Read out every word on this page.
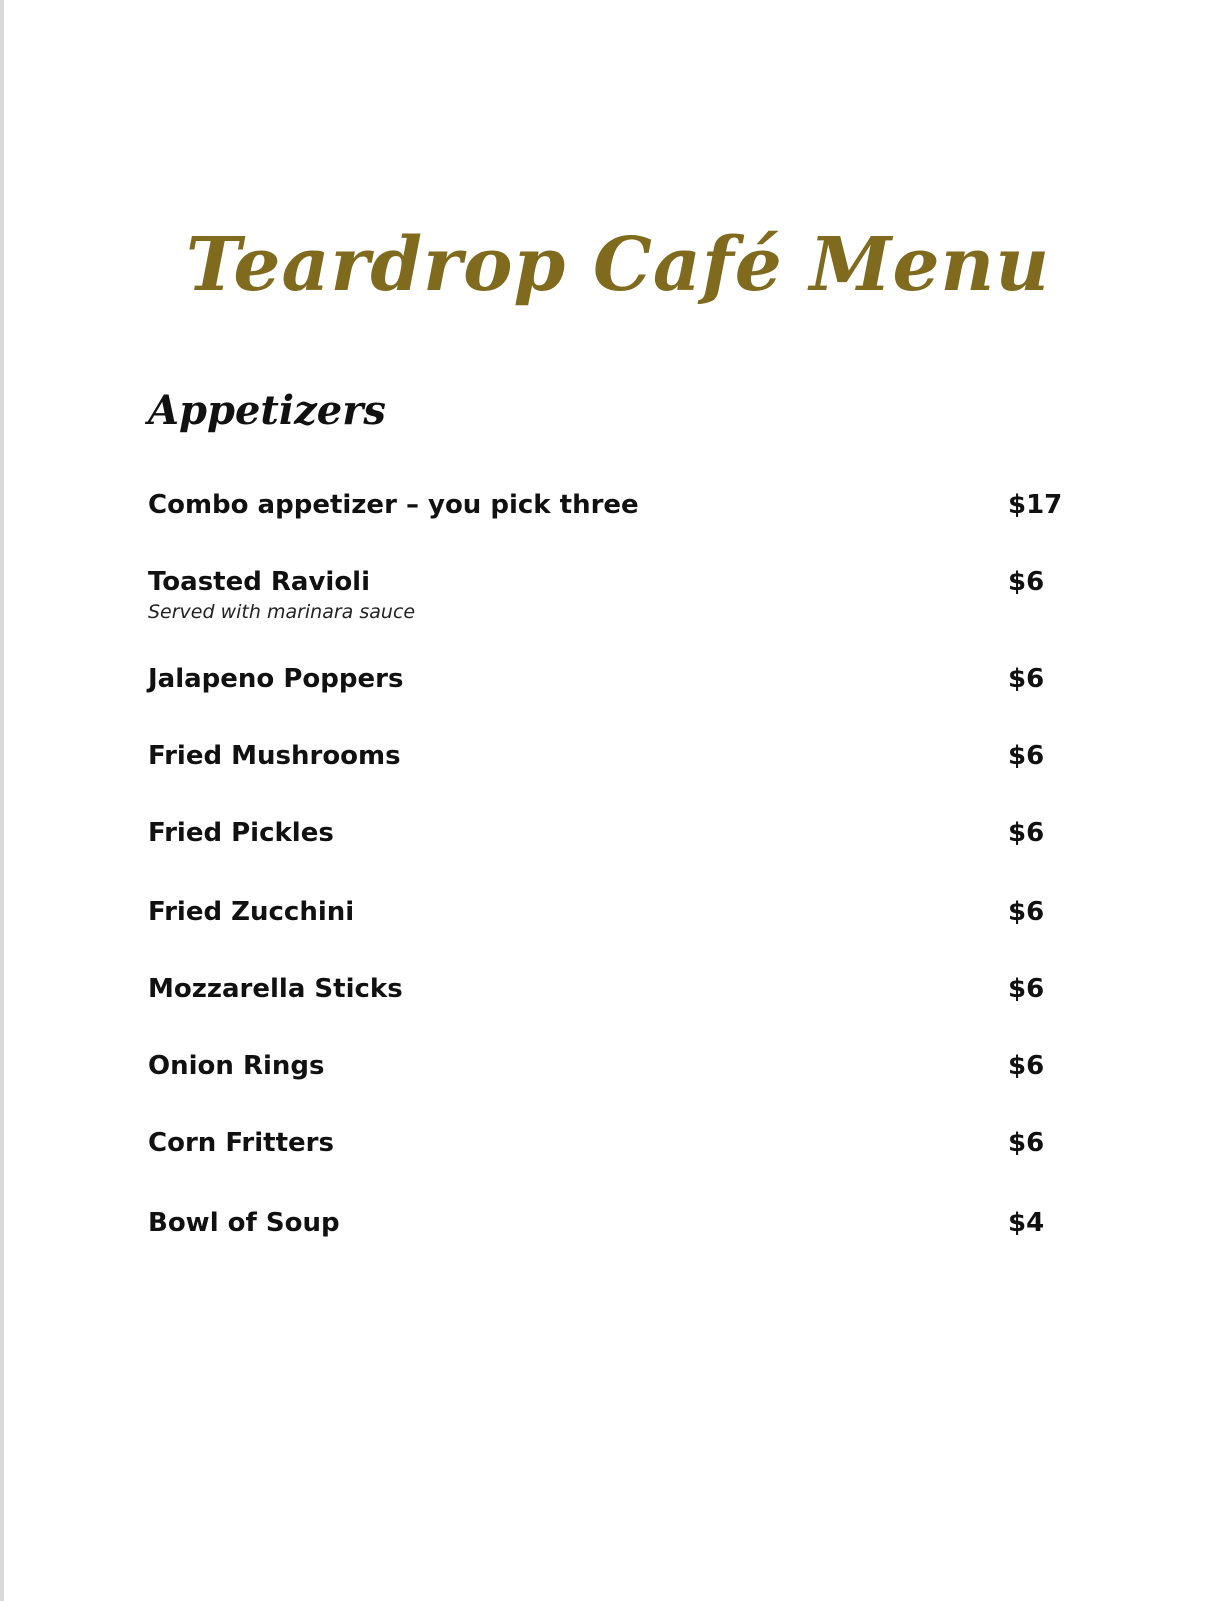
Teardrop Café Menu
Appetizers
Combo appetizer – you pick three	$17
Toasted Ravioli	$6
Served with marinara sauce
Jalapeno Poppers	$6
Fried Mushrooms	$6
Fried Pickles	$6
Fried Zucchini	$6
Mozzarella Sticks	$6
Onion Rings	$6
Corn Fritters	$6
Bowl of Soup	$4
